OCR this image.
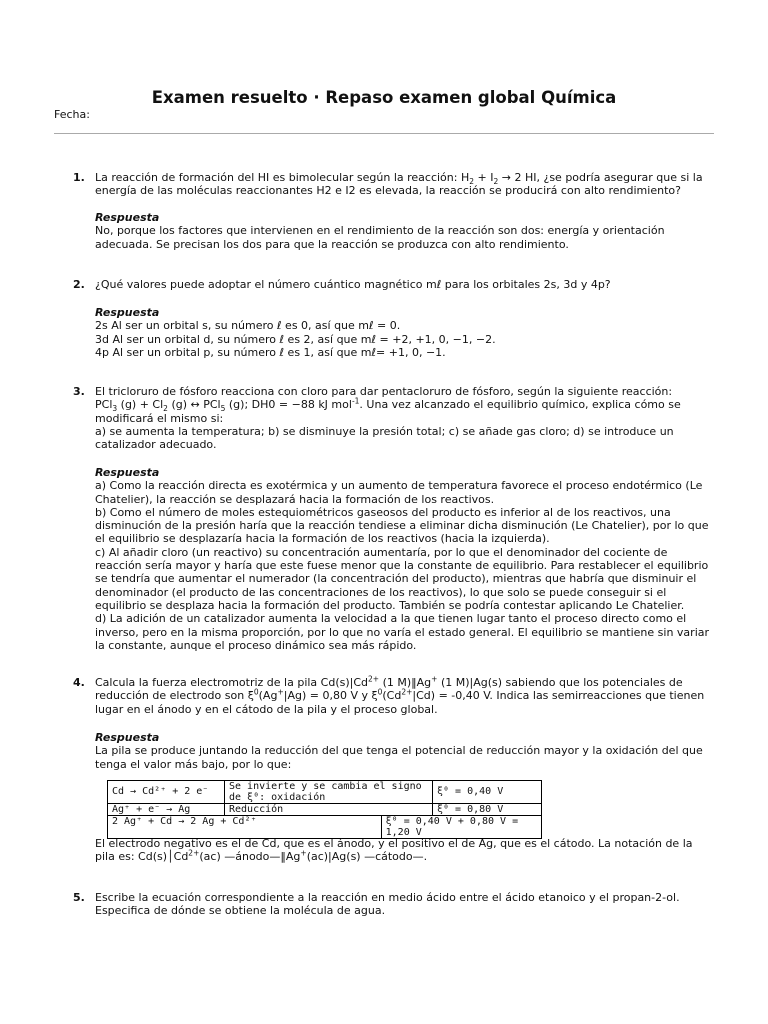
Examen resuelto · Repaso examen global Química
Fecha:
1. La reacción de formación del HI es bimolecular según la reacción: $H_2 + I_2 \to 2$ HI, ¿se podría asegurar que si la energía de las moléculas reaccionantes H2 e I2 es elevada, la reacción se producirá con alto rendimiento?
Respuesta
No, porque los factores que intervienen en el rendimiento de la reacción son dos: energía y orientación adecuada. Se precisan los dos para que la reacción se produzca con alto rendimiento.
2. ¿Qué valores puede adoptar el número cuántico magnético mℓ para los orbitales 2s, 3d y 4p?
Respuesta
2s Al ser un orbital s, su número ℓ es 0, así que mℓ = 0.
3d Al ser un orbital d, su número ℓ es 2, así que mℓ = +2, +1, 0, −1, −2.
4p Al ser un orbital p, su número ℓ es 1, así que mℓ= +1, 0, −1.
3. El tricloruro de fósforo reacciona con cloro para dar pentacloruro de fósforo, según la siguiente reacción:
PCl$_3$ $(g) + Cl_2$ (g) ↔ PCl$_5$ (g); DH0 = −88 kJ mol$^{-1}$. Una vez alcanzado el equilibrio químico, explica cómo se modificará el mismo si:
a) se aumenta la temperatura; b) se disminuye la presión total; c) se añade gas cloro; d) se introduce un catalizador adecuado.
Respuesta
a) Como la reacción directa es exotérmica y un aumento de temperatura favorece el proceso endotérmico (Le Chatelier), la reacción se desplazará hacia la formación de los reactivos.
b) Como el número de moles estequiométricos gaseosos del producto es inferior al de los reactivos, una disminución de la presión haría que la reacción tendiese a eliminar dicha disminución (Le Chatelier), por lo que el equilibrio se desplazaría hacia la formación de los reactivos (hacia la izquierda).
c) Al añadir cloro (un reactivo) su concentración aumentaría, por lo que el denominador del cociente de reacción sería mayor y haría que este fuese menor que la constante de equilibrio. Para restablecer el equilibrio se tendría que aumentar el numerador (la concentración del producto), mientras que habría que disminuir el denominador (el producto de las concentraciones de los reactivos), lo que solo se puede conseguir si el equilibrio se desplaza hacia la formación del producto. También se podría contestar aplicando Le Chatelier.
d) La adición de un catalizador aumenta la velocidad a la que tienen lugar tanto el proceso directo como el inverso, pero en la misma proporción, por lo que no varía el estado general. El equilibrio se mantiene sin variar la constante, aunque el proceso dinámico sea más rápido.
4. Calcula la fuerza electromotriz de la pila $Cd(s)|Cd^{2+}$ (1 M)‖Ag+ (1 M)|Ag(s) sabiendo que los potenciales de reducción de electrodo son $\xi^0(Ag^+|Ag) = 0,80$ V y $\xi^0(Cd^{2+}|Cd) = -0,40$ V. Indica las semirreacciones que tienen lugar en el ánodo y en el cátodo de la pila y el proceso global.
Respuesta
La pila se produce juntando la reducción del que tenga el potencial de reducción mayor y la oxidación del que tenga el valor más bajo, por lo que:
Cd → Cd²⁺ + 2 e⁻	Se invierte y se cambia el signo de ξ⁰: oxidación		ξ⁰ = 0,40 V
Ag⁺ + e⁻ → Ag	Reducción		ξ⁰ = 0,80 V
2 Ag⁺ + Cd → 2 Ag + Cd²⁺		ξ⁰ = 0,40 V + 0,80 V = 1,20 V	
El electrodo negativo es el de Cd, que es el ánodo, y el positivo el de Ag, que es el cátodo. La notación de la pila es: $Cd(s)│Cd^{2+}(ac)$ —ánodo—‖Ag+(ac)|Ag(s) —cátodo—.
5. Escribe la ecuación correspondiente a la reacción en medio ácido entre el ácido etanoico y el propan-2-ol. Especifica de dónde se obtiene la molécula de agua.
